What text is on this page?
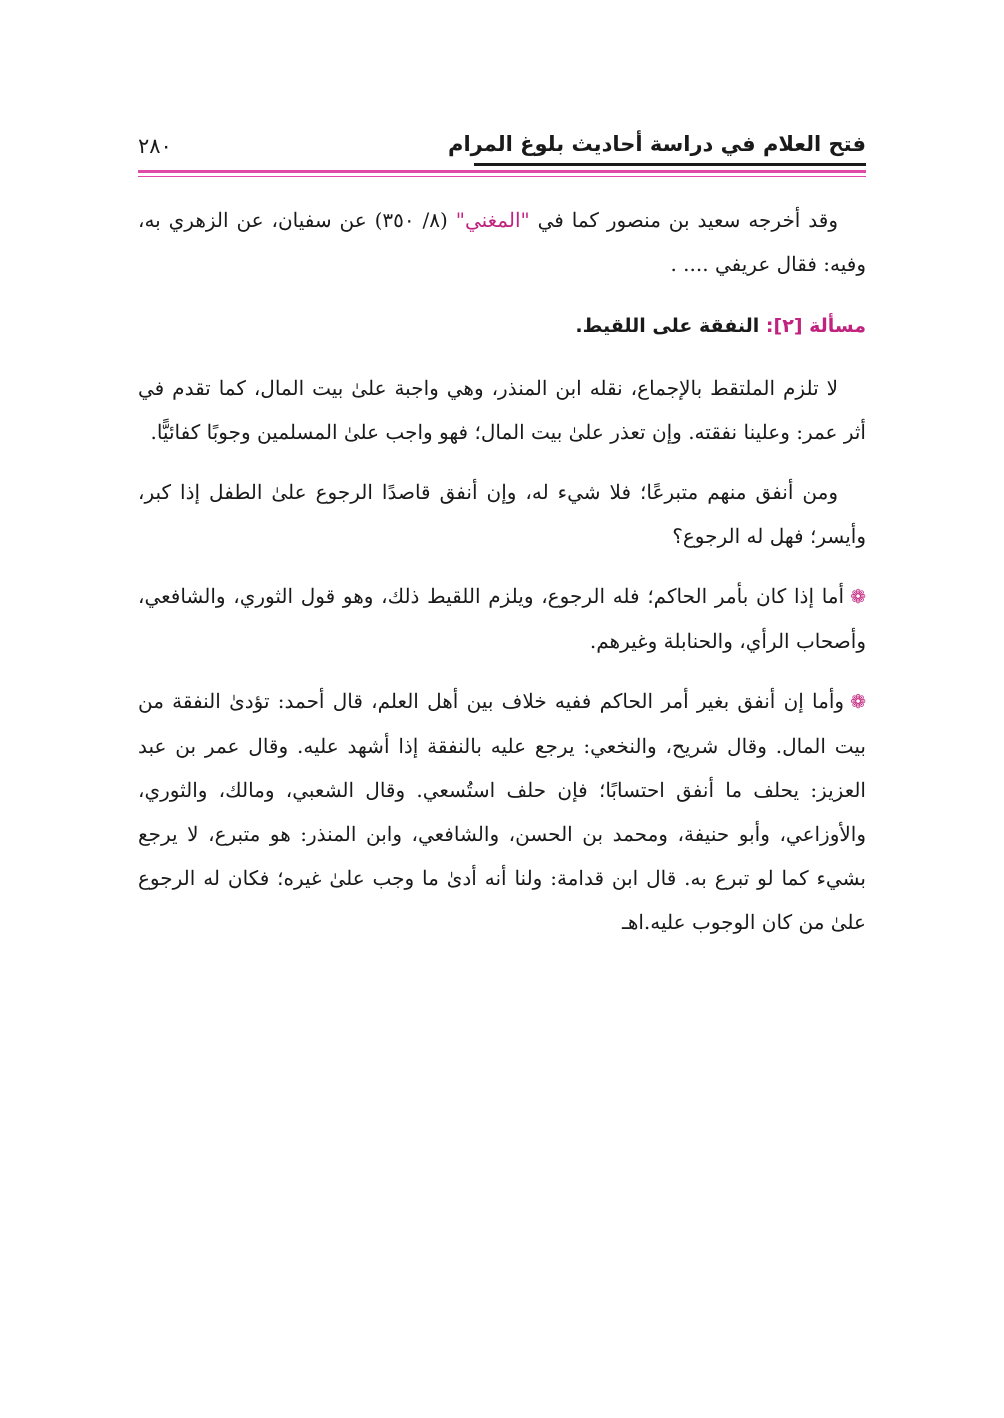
فتح العلام في دراسة أحاديث بلوغ المرام
٢٨٠

وقد أخرجه سعيد بن منصور كما في "المغني" (٨/ ٣٥٠) عن سفيان، عن الزهري به، وفيه: فقال عريفي .... .

مسألة [٢]: النفقة على اللقيط.

لا تلزم الملتقط بالإجماع، نقله ابن المنذر، وهي واجبة علىٰ بيت المال، كما تقدم في أثر عمر: وعلينا نفقته. وإن تعذر علىٰ بيت المال؛ فهو واجب علىٰ المسلمين وجوبًا كفائيًّا.

ومن أنفق منهم متبرعًا؛ فلا شيء له، وإن أنفق قاصدًا الرجوع علىٰ الطفل إذا كبر، وأيسر؛ فهل له الرجوع؟

❁أما إذا كان بأمر الحاكم؛ فله الرجوع، ويلزم اللقيط ذلك، وهو قول الثوري، والشافعي، وأصحاب الرأي، والحنابلة وغيرهم.

❁وأما إن أنفق بغير أمر الحاكم ففيه خلاف بين أهل العلم، قال أحمد: تؤدىٰ النفقة من بيت المال. وقال شريح، والنخعي: يرجع عليه بالنفقة إذا أشهد عليه. وقال عمر بن عبد العزيز: يحلف ما أنفق احتسابًا؛ فإن حلف استُسعي. وقال الشعبي، ومالك، والثوري، والأوزاعي، وأبو حنيفة، ومحمد بن الحسن، والشافعي، وابن المنذر: هو متبرع، لا يرجع بشيء كما لو تبرع به. قال ابن قدامة: ولنا أنه أدىٰ ما وجب علىٰ غيره؛ فكان له الرجوع علىٰ من كان الوجوب عليه.اهـ
